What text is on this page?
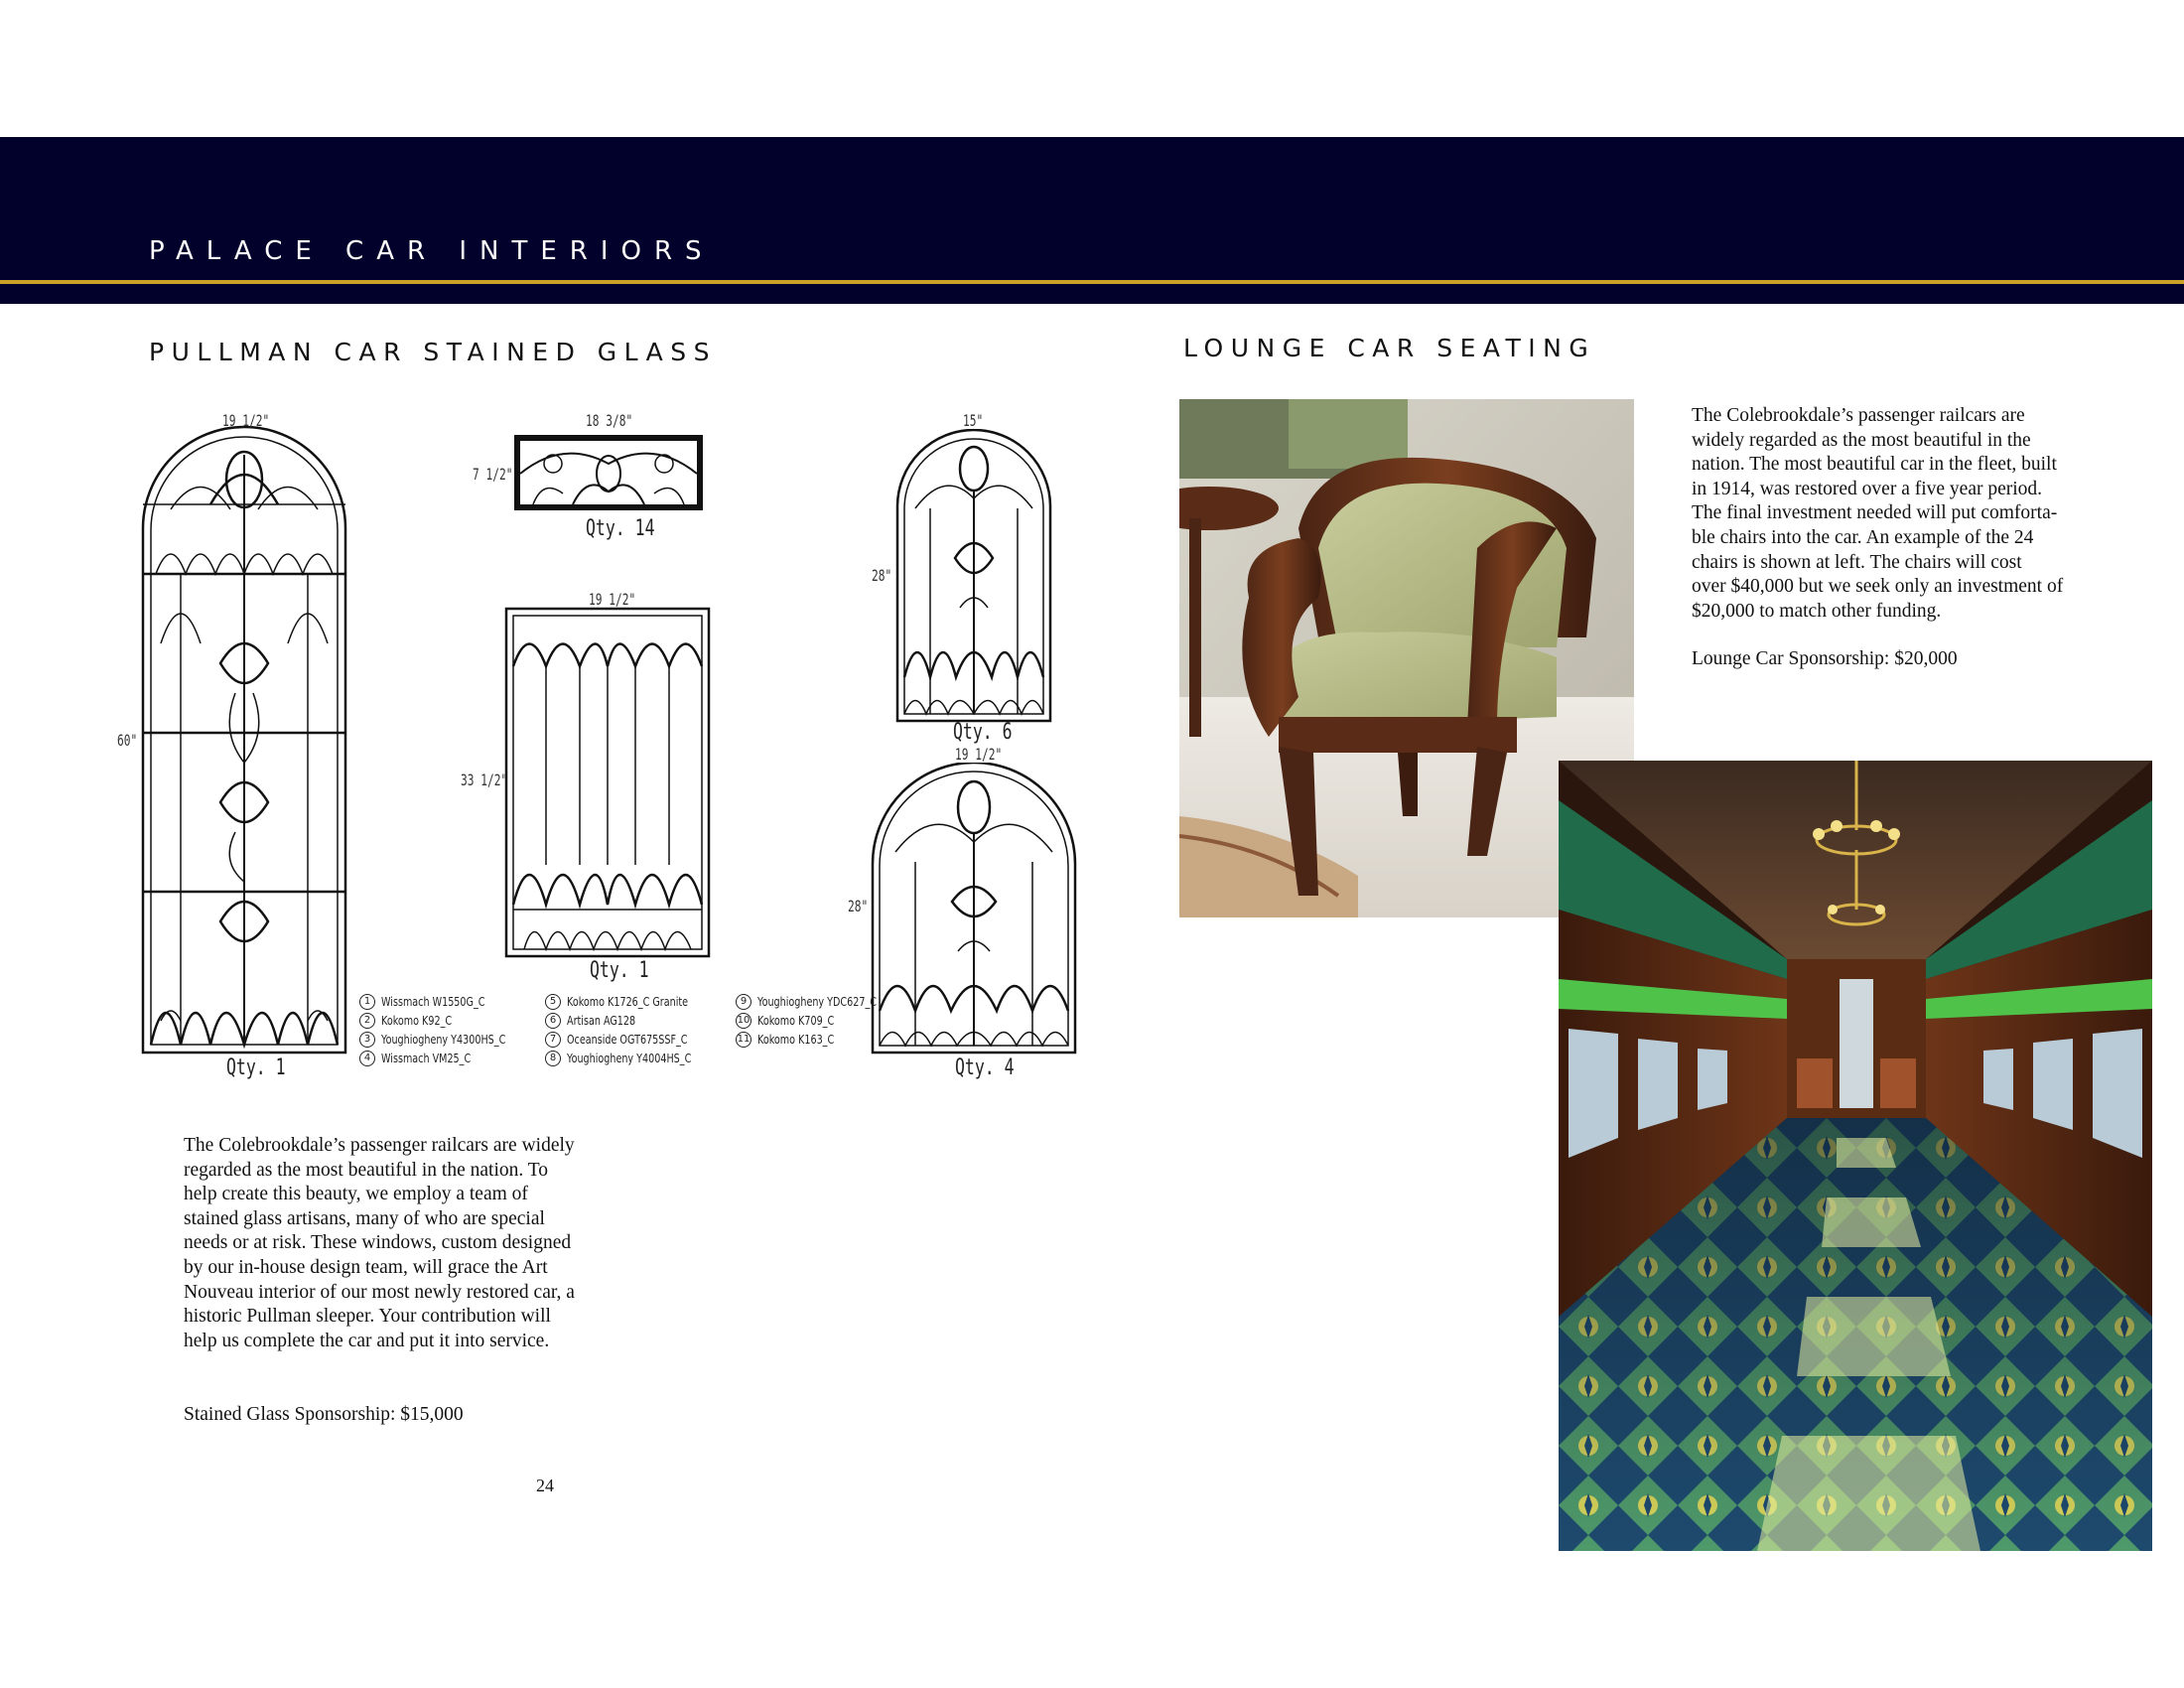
PALACE CAR INTERIORS
PULLMAN CAR STAINED GLASS
19 1/2"
60"
Qty. 1
18 3/8"
7 1/2"
Qty. 14
19 1/2"
33 1/2"
Qty. 1
15"
28"
Qty. 6
19 1/2"
28"
Qty. 4
1 Wissmach W1550G_C
2 Kokomo K92_C
3 Youghiogheny Y4300HS_C
4 Wissmach VM25_C
5 Kokomo K1726_C Granite
6 Artisan AG128
7 Oceanside OGT675SSF_C
8 Youghiogheny Y4004HS_C
9 Youghiogheny YDC627_C
10 Kokomo K709_C
11 Kokomo K163_C
The Colebrookdale’s passenger railcars are widely
regarded as the most beautiful in the nation. To
help create this beauty, we employ a team of
stained glass artisans, many of who are special
needs or at risk. These windows, custom designed
by our in-house design team, will grace the Art
Nouveau interior of our most newly restored car, a
historic Pullman sleeper. Your contribution will
help us complete the car and put it into service.
Stained Glass Sponsorship: $15,000
24
LOUNGE CAR SEATING
The Colebrookdale’s passenger railcars are
widely regarded as the most beautiful in the
nation. The most beautiful car in the fleet, built
in 1914, was restored over a five year period.
The final investment needed will put comforta-
ble chairs into the car. An example of the 24
chairs is shown at left. The chairs will cost
over $40,000 but we seek only an investment of
$20,000 to match other funding.
Lounge Car Sponsorship: $20,000
